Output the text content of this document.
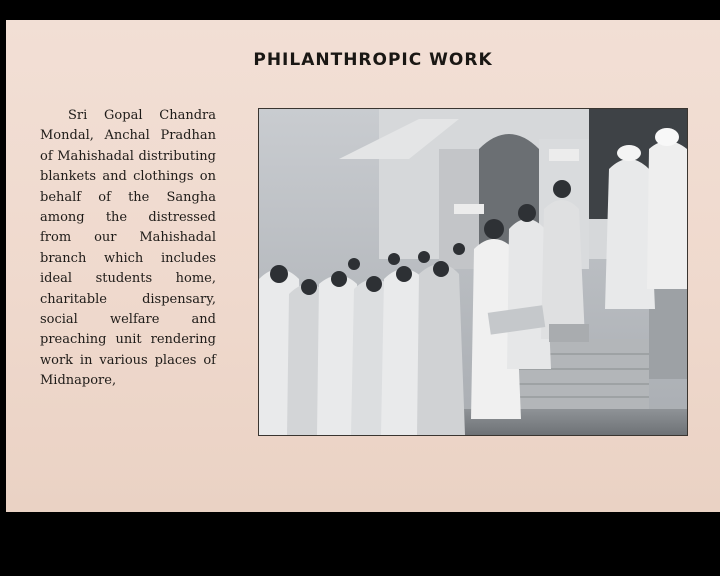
PHILANTHROPIC WORK

Sri Gopal Chandra Mondal, Anchal Pradhan of Mahishadal distributing blankets and clothings on behalf of the Sangha among the distressed from our Mahishadal branch which includes ideal students home, charitable dispensary, social welfare and preaching unit rendering work in various places of Midnapore,
